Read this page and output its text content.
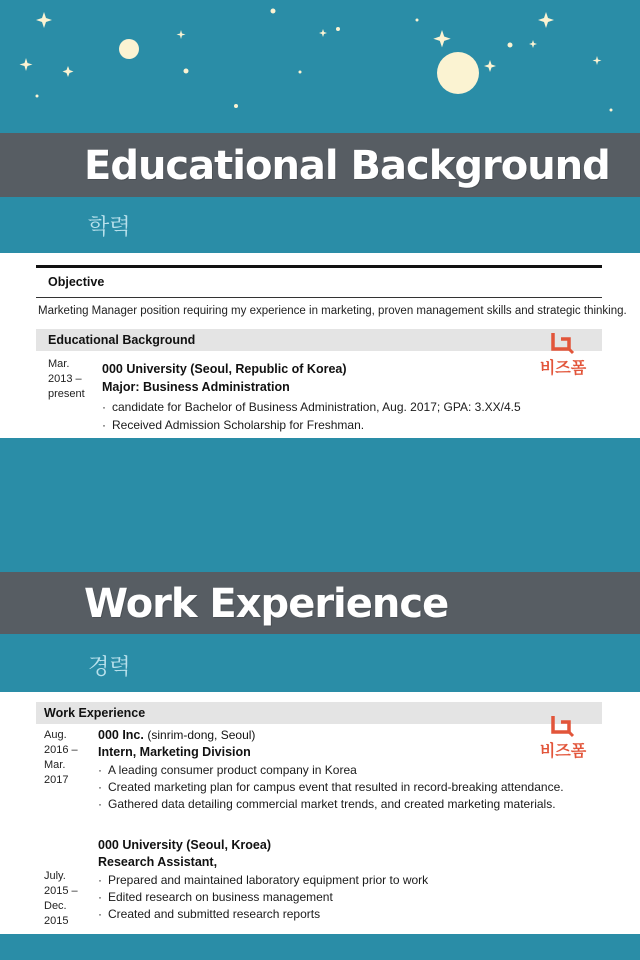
Educational Background
학력
Objective
Marketing Manager position requiring my experience in marketing, proven management skills and strategic thinking.
Educational Background
Mar.
2013 –
present
000 University (Seoul, Republic of Korea)
Major: Business Administration
· candidate for Bachelor of Business Administration, Aug. 2017; GPA: 3.XX/4.5
· Received Admission Scholarship for Freshman.
비즈폼
Work Experience
경력
Work Experience
Aug.
2016 –
Mar.
2017
000 Inc. (sinrim-dong, Seoul)
Intern, Marketing Division
· A leading consumer product company in Korea
· Created marketing plan for campus event that resulted in record-breaking attendance.
· Gathered data detailing commercial market trends, and created marketing materials.
July.
2015 –
Dec.
2015
000 University (Seoul, Kroea)
Research Assistant,
· Prepared and maintained laboratory equipment prior to work
· Edited research on business management
· Created and submitted research reports
비즈폼
